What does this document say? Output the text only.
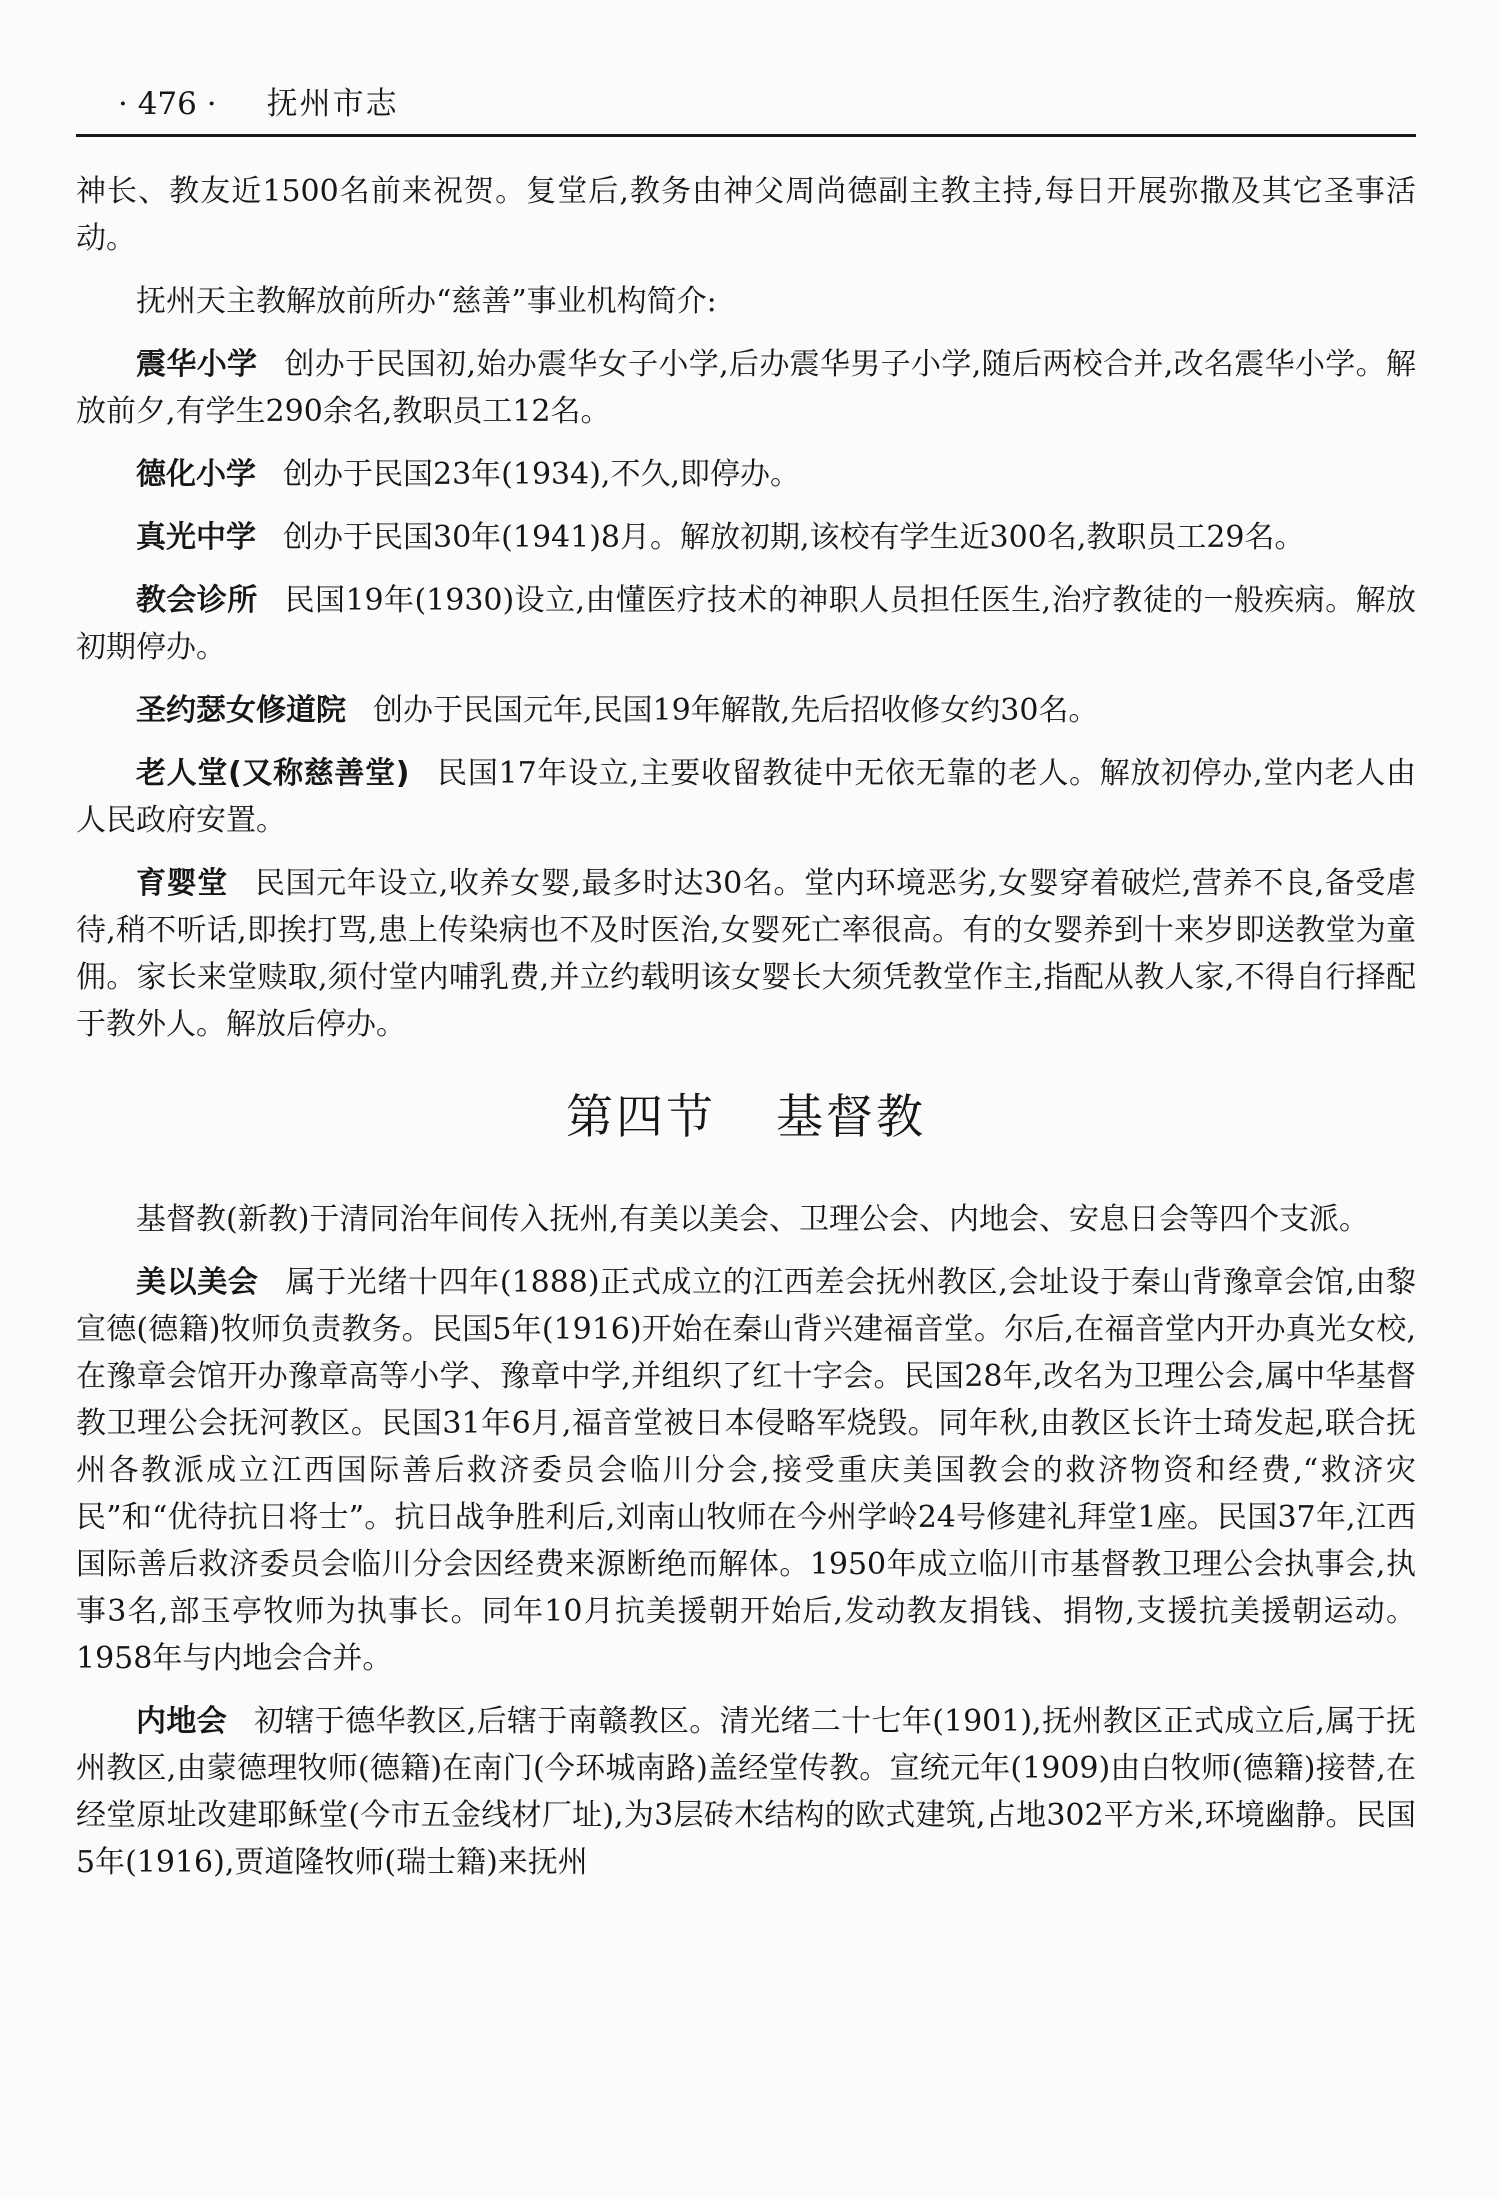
· 476 · 抚州市志

神长、教友近1500名前来祝贺。复堂后,教务由神父周尚德副主教主持,每日开展弥撒及其它圣事活动。

抚州天主教解放前所办“慈善”事业机构简介:

震华小学 创办于民国初,始办震华女子小学,后办震华男子小学,随后两校合并,改名震华小学。解放前夕,有学生290余名,教职员工12名。

德化小学 创办于民国23年(1934),不久,即停办。

真光中学 创办于民国30年(1941)8月。解放初期,该校有学生近300名,教职员工29名。

教会诊所 民国19年(1930)设立,由懂医疗技术的神职人员担任医生,治疗教徒的一般疾病。解放初期停办。

圣约瑟女修道院 创办于民国元年,民国19年解散,先后招收修女约30名。

老人堂(又称慈善堂) 民国17年设立,主要收留教徒中无依无靠的老人。解放初停办,堂内老人由人民政府安置。

育婴堂 民国元年设立,收养女婴,最多时达30名。堂内环境恶劣,女婴穿着破烂,营养不良,备受虐待,稍不听话,即挨打骂,患上传染病也不及时医治,女婴死亡率很高。有的女婴养到十来岁即送教堂为童佣。家长来堂赎取,须付堂内哺乳费,并立约载明该女婴长大须凭教堂作主,指配从教人家,不得自行择配于教外人。解放后停办。

第四节 基督教

基督教(新教)于清同治年间传入抚州,有美以美会、卫理公会、内地会、安息日会等四个支派。

美以美会 属于光绪十四年(1888)正式成立的江西差会抚州教区,会址设于秦山背豫章会馆,由黎宣德(德籍)牧师负责教务。民国5年(1916)开始在秦山背兴建福音堂。尔后,在福音堂内开办真光女校,在豫章会馆开办豫章高等小学、豫章中学,并组织了红十字会。民国28年,改名为卫理公会,属中华基督教卫理公会抚河教区。民国31年6月,福音堂被日本侵略军烧毁。同年秋,由教区长许士琦发起,联合抚州各教派成立江西国际善后救济委员会临川分会,接受重庆美国教会的救济物资和经费,“救济灾民”和“优待抗日将士”。抗日战争胜利后,刘南山牧师在今州学岭24号修建礼拜堂1座。民国37年,江西国际善后救济委员会临川分会因经费来源断绝而解体。1950年成立临川市基督教卫理公会执事会,执事3名,部玉亭牧师为执事长。同年10月抗美援朝开始后,发动教友捐钱、捐物,支援抗美援朝运动。1958年与内地会合并。

内地会 初辖于德华教区,后辖于南赣教区。清光绪二十七年(1901),抚州教区正式成立后,属于抚州教区,由蒙德理牧师(德籍)在南门(今环城南路)盖经堂传教。宣统元年(1909)由白牧师(德籍)接替,在经堂原址改建耶稣堂(今市五金线材厂址),为3层砖木结构的欧式建筑,占地302平方米,环境幽静。民国5年(1916),贾道隆牧师(瑞士籍)来抚州
